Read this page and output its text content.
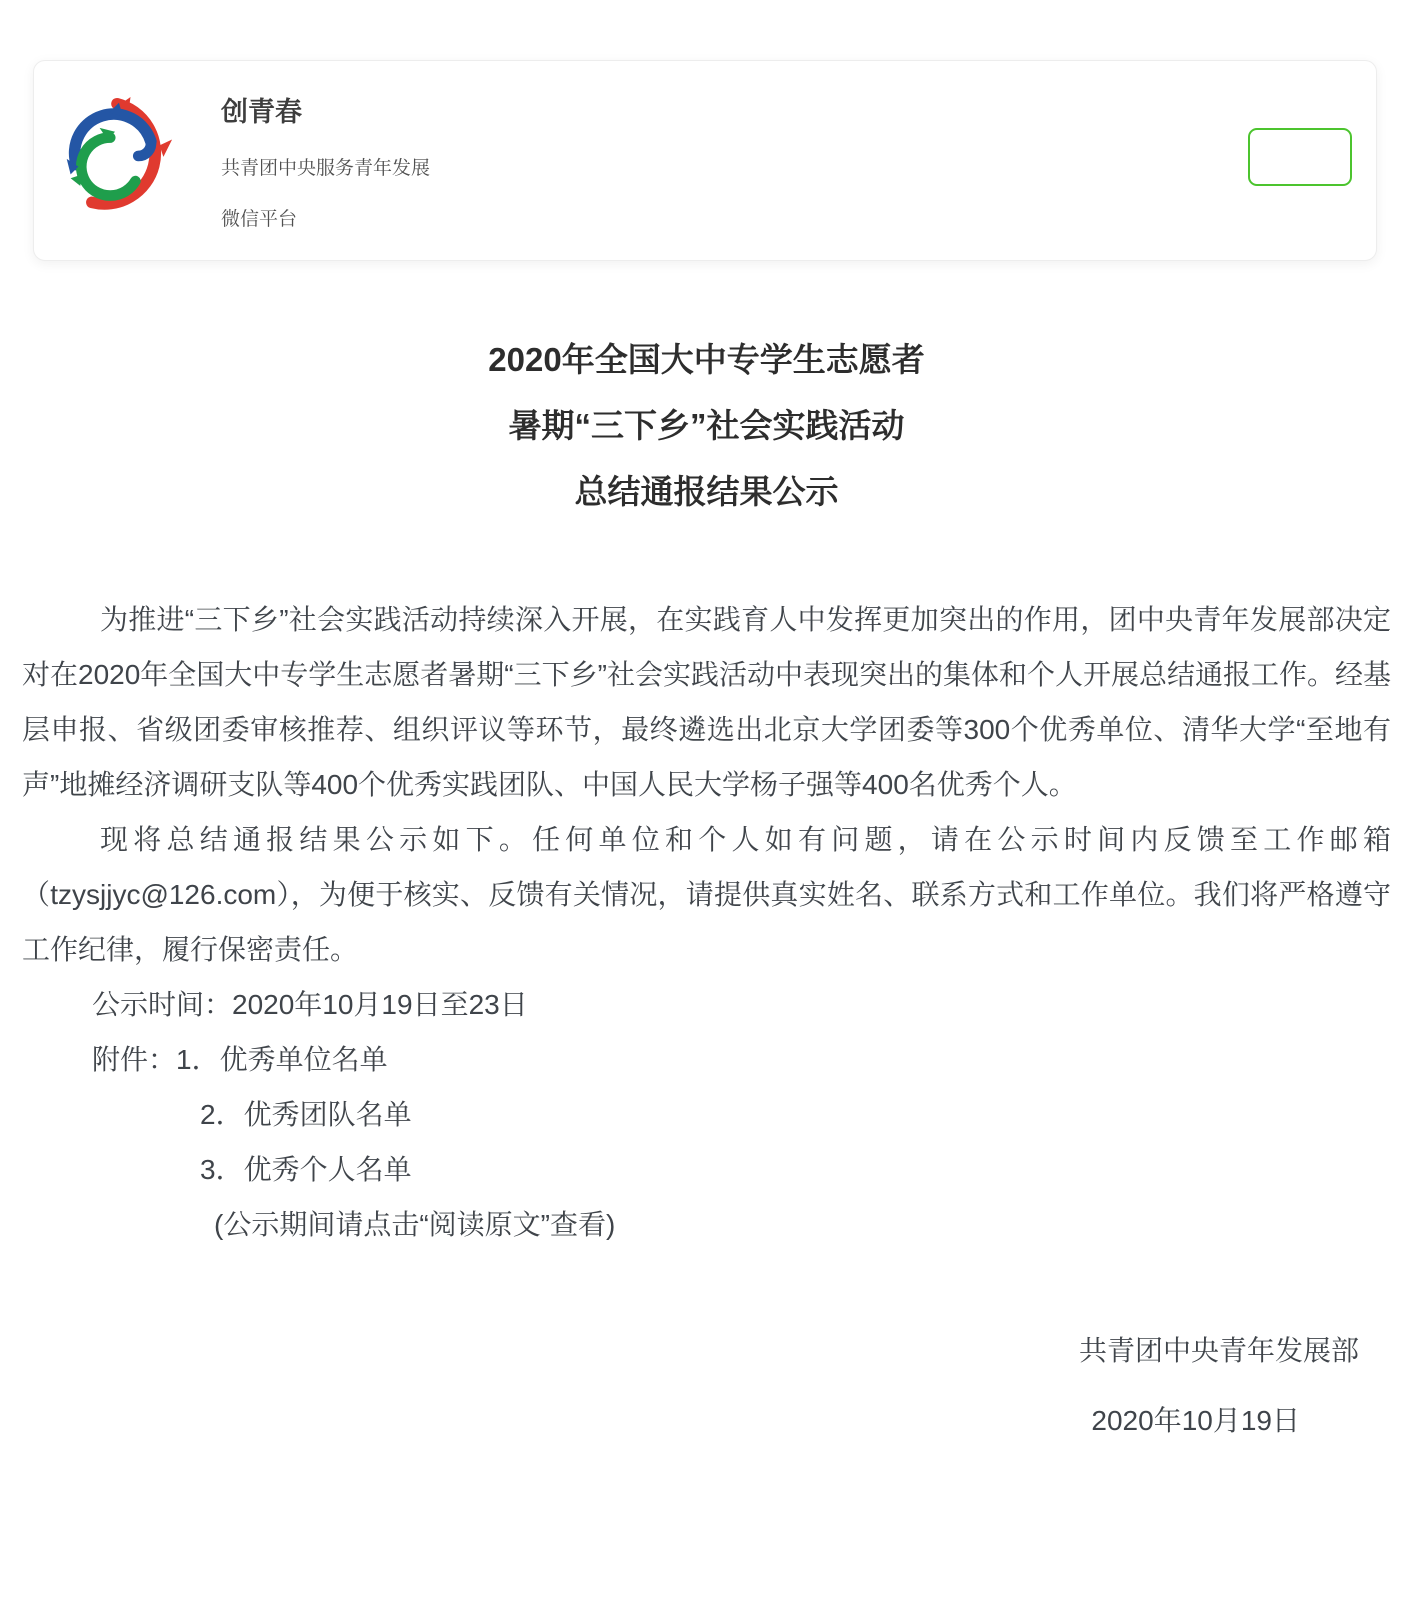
创青春
共青团中央服务青年发展
微信平台
2020年全国大中专学生志愿者
暑期“三下乡”社会实践活动
总结通报结果公示

为推进“三下乡”社会实践活动持续深入开展，在实践育人中发挥更加突出的作用，团中央青年发展部决定对在2020年全国大中专学生志愿者暑期“三下乡”社会实践活动中表现突出的集体和个人开展总结通报工作。经基层申报、省级团委审核推荐、组织评议等环节，最终遴选出北京大学团委等300个优秀单位、清华大学“至地有声”地摊经济调研支队等400个优秀实践团队、中国人民大学杨子强等400名优秀个人。

现将总结通报结果公示如下。任何单位和个人如有问题，请在公示时间内反馈至工作邮箱（tzysjjyc@126.com），为便于核实、反馈有关情况，请提供真实姓名、联系方式和工作单位。我们将严格遵守工作纪律，履行保密责任。

公示时间：2020年10月19日至23日
附件：1．优秀单位名单
2．优秀团队名单
3．优秀个人名单
(公示期间请点击“阅读原文”查看)
共青团中央青年发展部
2020年10月19日
